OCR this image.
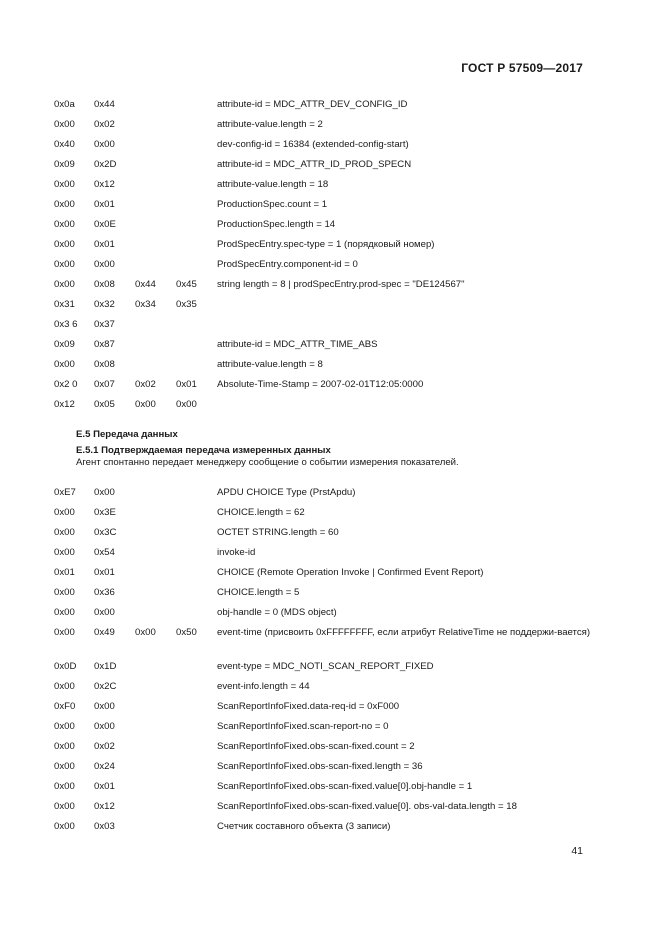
ГОСТ Р 57509—2017
0x0a 0x44	attribute-id = MDC_ATTR_DEV_CONFIG_ID
0x00 0x02	attribute-value.length = 2
0x40 0x00	dev-config-id = 16384 (extended-config-start)
0x09 0x2D	attribute-id = MDC_ATTR_ID_PROD_SPECN
0x00 0x12	attribute-value.length = 18
0x00 0x01	ProductionSpec.count = 1
0x00 0x0E	ProductionSpec.length = 14
0x00 0x01	ProdSpecEntry.spec-type = 1 (порядковый номер)
0x00 0x00	ProdSpecEntry.component-id = 0
0x00 0x08 0x44 0x45 string length = 8 | prodSpecEntry.prod-spec = "DE124567"
0x31 0x32 0x34 0x35
0x3 6 0x37
0x09 0x87	attribute-id = MDC_ATTR_TIME_ABS
0x00 0x08	attribute-value.length = 8
0x2 0 0x07 0x02 0x01 Absolute-Time-Stamp = 2007-02-01T12:05:0000
0x12 0x05 0x00 0x00
Е.5 Передача данных
Е.5.1 Подтверждаемая передача измеренных данных
Агент спонтанно передает менеджеру сообщение о событии измерения показателей.
0xE7 0x00	APDU CHOICE Type (PrstApdu)
0x00 0x3E	CHOICE.length = 62
0x00 0x3C	OCTET STRING.length = 60
0x00 0x54	invoke-id
0x01 0x01	CHOICE (Remote Operation Invoke | Confirmed Event Report)
0x00 0x36	CHOICE.length = 5
0x00 0x00	obj-handle = 0 (MDS object)
0x00 0x49 0x00 0x50 event-time (присвоить 0xFFFFFFFF, если атрибут RelativeTime не поддержи-вается)
0x0D 0x1D	event-type = MDC_NOTI_SCAN_REPORT_FIXED
0x00 0x2C	event-info.length = 44
0xF0 0x00	ScanReportInfoFixed.data-req-id = 0xF000
0x00 0x00	ScanReportInfoFixed.scan-report-no = 0
0x00 0x02	ScanReportInfoFixed.obs-scan-fixed.count = 2
0x00 0x24	ScanReportInfoFixed.obs-scan-fixed.length = 36
0x00 0x01	ScanReportInfoFixed.obs-scan-fixed.value[0].obj-handle = 1
0x00 0x12	ScanReportInfoFixed.obs-scan-fixed.value[0]. obs-val-data.length = 18
0x00 0x03	Счетчик составного объекта (3 записи)
41
